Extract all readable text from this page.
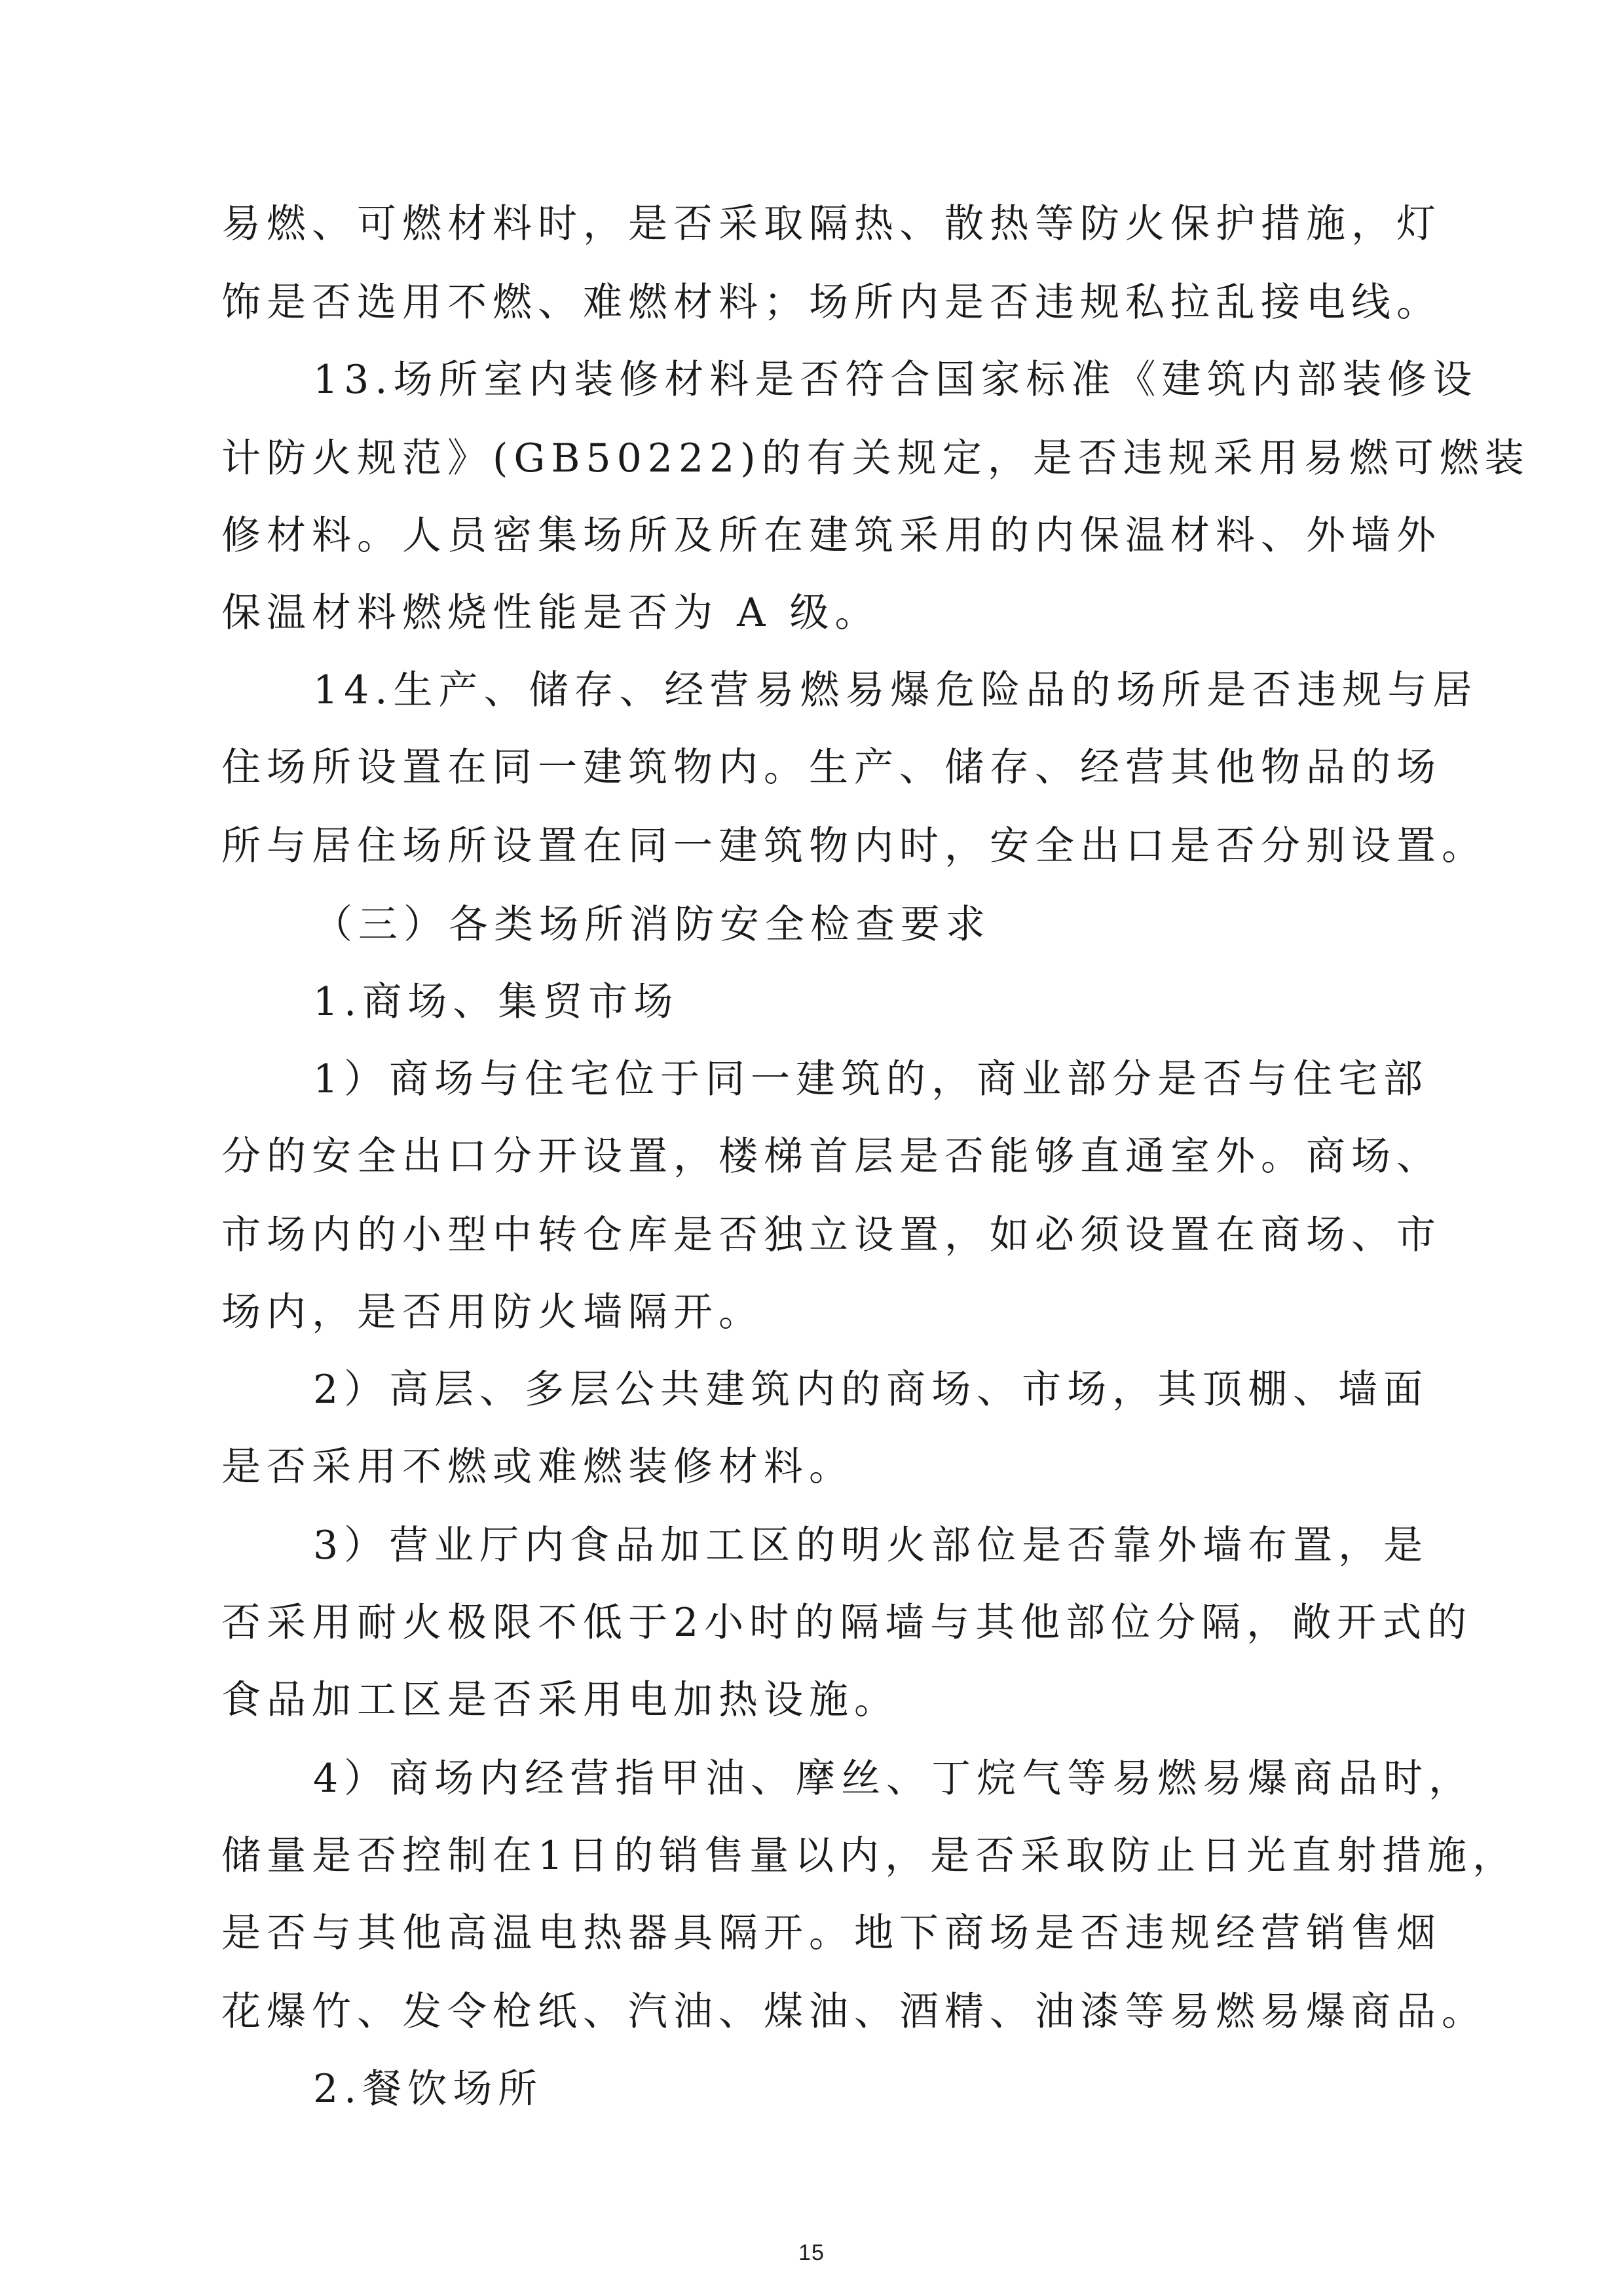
易燃、可燃材料时，是否采取隔热、散热等防火保护措施，灯
饰是否选用不燃、难燃材料；场所内是否违规私拉乱接电线。
13.场所室内装修材料是否符合国家标准《建筑内部装修设
计防火规范》(GB50222)的有关规定，是否违规采用易燃可燃装
修材料。人员密集场所及所在建筑采用的内保温材料、外墙外
保温材料燃烧性能是否为 A 级。
14.生产、储存、经营易燃易爆危险品的场所是否违规与居
住场所设置在同一建筑物内。生产、储存、经营其他物品的场
所与居住场所设置在同一建筑物内时，安全出口是否分别设置。
（三）各类场所消防安全检查要求
1.商场、集贸市场
1）商场与住宅位于同一建筑的，商业部分是否与住宅部
分的安全出口分开设置，楼梯首层是否能够直通室外。商场、
市场内的小型中转仓库是否独立设置，如必须设置在商场、市
场内，是否用防火墙隔开。
2）高层、多层公共建筑内的商场、市场，其顶棚、墙面
是否采用不燃或难燃装修材料。
3）营业厅内食品加工区的明火部位是否靠外墙布置，是
否采用耐火极限不低于2小时的隔墙与其他部位分隔，敞开式的
食品加工区是否采用电加热设施。
4）商场内经营指甲油、摩丝、丁烷气等易燃易爆商品时，
储量是否控制在1日的销售量以内，是否采取防止日光直射措施，
是否与其他高温电热器具隔开。地下商场是否违规经营销售烟
花爆竹、发令枪纸、汽油、煤油、酒精、油漆等易燃易爆商品。
2.餐饮场所
15
